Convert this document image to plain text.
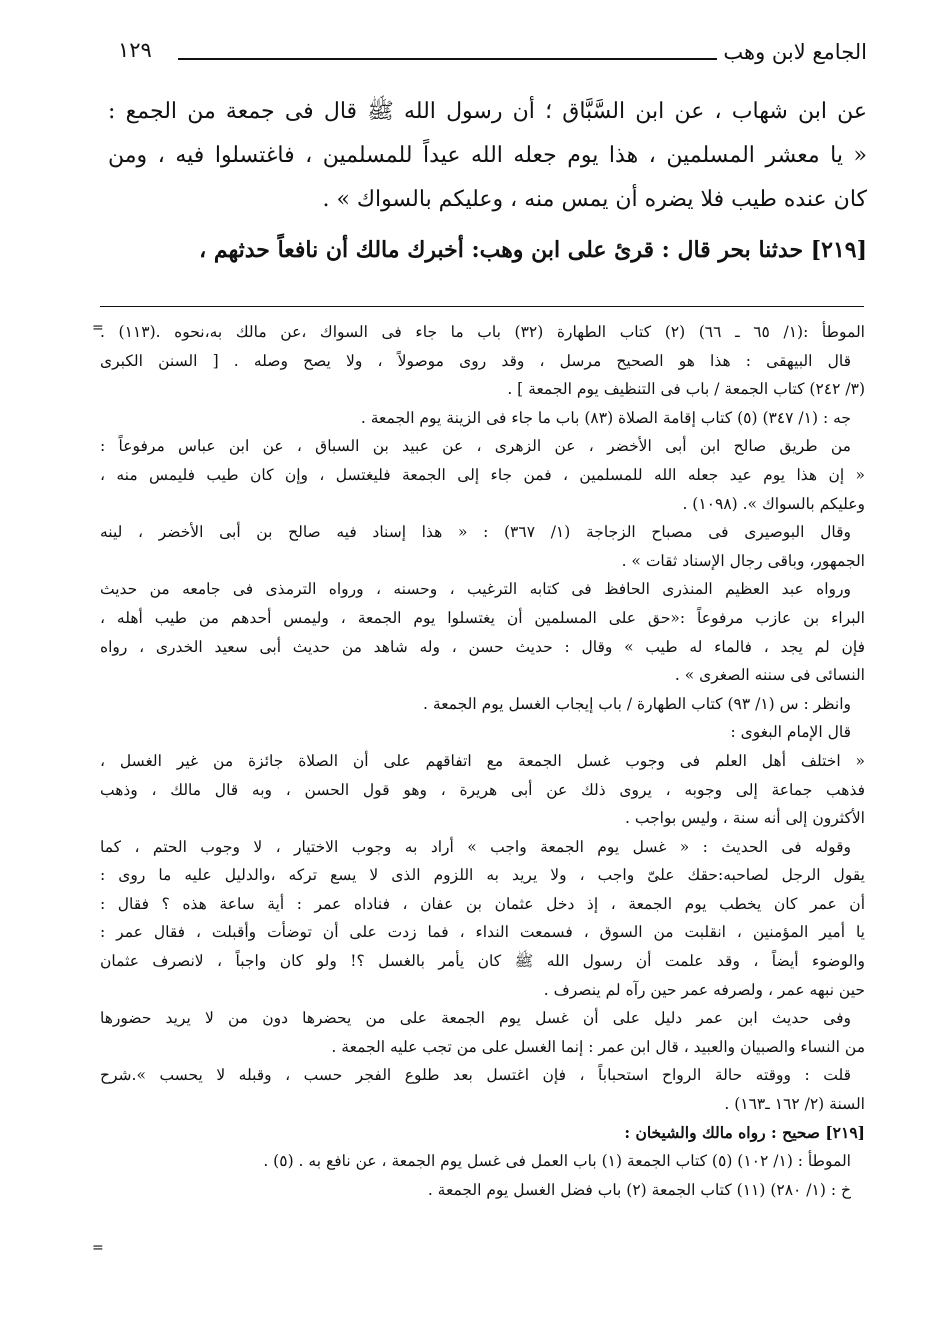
الجامع لابن وهب
١٢٩
عن ابن شهاب ، عن ابن السَّبَّاق ؛ أن رسول الله ﷺ قال فى جمعة من الجمع :
« يا معشر المسلمين ، هذا يوم جعله الله عيداً للمسلمين ، فاغتسلوا فيه ، ومن
كان عنده طيب فلا يضره أن يمس منه ، وعليكم بالسواك » .
[٢١٩] حدثنا بحر قال : قرئ على ابن وهب: أخبرك مالك أن نافعاً حدثهم ،
=
=
الموطأ :(١/ ٦٥ ـ ٦٦) (٢) كتاب الطهارة (٣٢) باب ما جاء فى السواك ،عن مالك به،نحوه .(١١٣) .
قال البيهقى : هذا هو الصحيح مرسل ، وقد روى موصولاً ، ولا يصح وصله . [ السنن الكبرى
(٣/ ٢٤٢) كتاب الجمعة / باب فى التنظيف يوم الجمعة ] .
جه : (١/ ٣٤٧) (٥) كتاب إقامة الصلاة (٨٣) باب ما جاء فى الزينة يوم الجمعة .
من طريق صالح ابن أبى الأخضر ، عن الزهرى ، عن عبيد بن السباق ، عن ابن عباس مرفوعاً :
« إن هذا يوم عيد جعله الله للمسلمين ، فمن جاء إلى الجمعة فليغتسل ، وإن كان طيب فليمس منه ،
وعليكم بالسواك ». (١٠٩٨) .
وقال البوصيرى فى مصباح الزجاجة (١/ ٣٦٧) : « هذا إسناد فيه صالح بن أبى الأخضر ، لينه
الجمهور، وباقى رجال الإسناد ثقات » .
ورواه عبد العظيم المنذرى الحافظ فى كتابه الترغيب ، وحسنه ، ورواه الترمذى فى جامعه من حديث
البراء بن عازب مرفوعاً :«حق على المسلمين أن يغتسلوا يوم الجمعة ، وليمس أحدهم من طيب أهله ،
فإن لم يجد ، فالماء له طيب » وقال : حديث حسن ، وله شاهد من حديث أبى سعيد الخدرى ، رواه
النسائى فى سننه الصغرى » .
وانظر : س (١/ ٩٣) كتاب الطهارة / باب إيجاب الغسل يوم الجمعة .
قال الإمام البغوى :
« اختلف أهل العلم فى وجوب غسل الجمعة مع اتفاقهم على أن الصلاة جائزة من غير الغسل ،
فذهب جماعة إلى وجوبه ، يروى ذلك عن أبى هريرة ، وهو قول الحسن ، وبه قال مالك ، وذهب
الأكثرون إلى أنه سنة ، وليس بواجب .
وقوله فى الحديث : « غسل يوم الجمعة واجب » أراد به وجوب الاختيار ، لا وجوب الحتم ، كما
يقول الرجل لصاحبه:حقك علىّ واجب ، ولا يريد به اللزوم الذى لا يسع تركه ،والدليل عليه ما روى :
أن عمر كان يخطب يوم الجمعة ، إذ دخل عثمان بن عفان ، فناداه عمر : أية ساعة هذه ؟ فقال :
يا أمير المؤمنين ، انقلبت من السوق ، فسمعت النداء ، فما زدت على أن توضأت وأقبلت ، فقال عمر :
والوضوء أيضاً ، وقد علمت أن رسول الله ﷺ كان يأمر بالغسل ؟! ولو كان واجباً ، لانصرف عثمان
حين نبهه عمر ، ولصرفه عمر حين رآه لم ينصرف .
وفى حديث ابن عمر دليل على أن غسل يوم الجمعة على من يحضرها دون من لا يريد حضورها
من النساء والصبيان والعبيد ، قال ابن عمر : إنما الغسل على من تجب عليه الجمعة .
قلت : ووقته حالة الرواح استحباباً ، فإن اغتسل بعد طلوع الفجر حسب ، وقبله لا يحسب ».شرح
السنة (٢/ ١٦٢ ـ١٦٣) .
[٢١٩] صحيح : رواه مالك والشيخان :
الموطأ : (١/ ١٠٢) (٥) كتاب الجمعة (١) باب العمل فى غسل يوم الجمعة ، عن نافع به . (٥) .
خ : (١/ ٢٨٠) (١١) كتاب الجمعة (٢) باب فضل الغسل يوم الجمعة .
